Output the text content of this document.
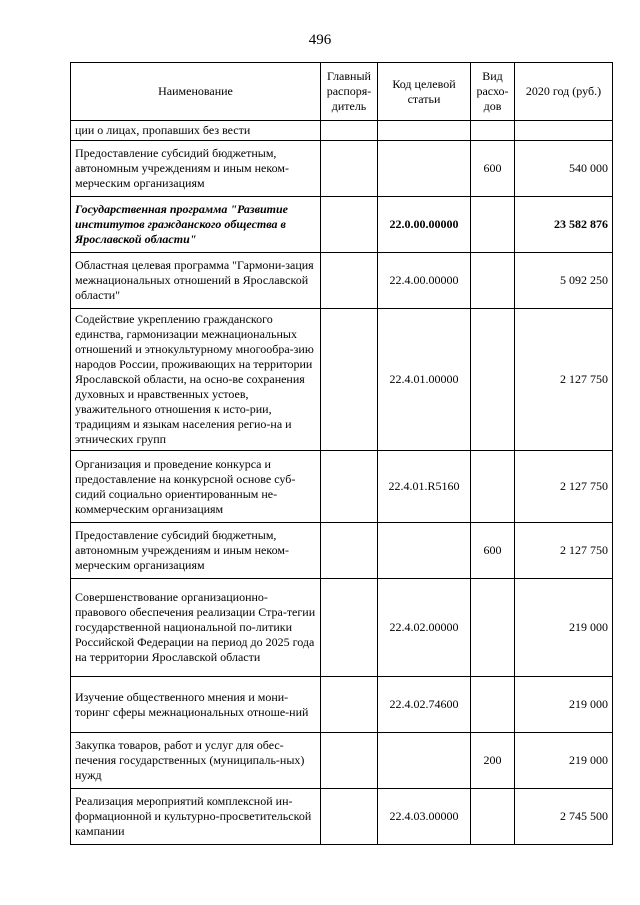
496
Наименование	Главный распоря-дитель	Код целевой статьи	Вид расхо-дов	2020 год (руб.)
ции о лицах, пропавших без вести				
Предоставление субсидий бюджетным, автономным учреждениям и иным неком-мерческим организациям			600	540 000
Государственная программа "Развитие институтов гражданского общества в Ярославской области"		22.0.00.00000		23 582 876
Областная целевая программа "Гармони-зация межнациональных отношений в Ярославской области"		22.4.00.00000		5 092 250
Содействие укреплению гражданского единства, гармонизации межнациональных отношений и этнокультурному многообра-зию народов России, проживающих на территории Ярославской области, на осно-ве сохранения духовных и нравственных устоев, уважительного отношения к исто-рии, традициям и языкам населения регио-на и этнических групп		22.4.01.00000		2 127 750
Организация и проведение конкурса и предоставление на конкурсной основе суб-сидий социально ориентированным не-коммерческим организациям		22.4.01.R5160		2 127 750
Предоставление субсидий бюджетным, автономным учреждениям и иным неком-мерческим организациям			600	2 127 750
Совершенствование организационно-правового обеспечения реализации Стра-тегии государственной национальной по-литики Российской Федерации на период до 2025 года на территории Ярославской области		22.4.02.00000		219 000
Изучение общественного мнения и мони-торинг сферы межнациональных отноше-ний		22.4.02.74600		219 000
Закупка товаров, работ и услуг для обес-печения государственных (муниципаль-ных) нужд			200	219 000
Реализация мероприятий комплексной ин-формационной и культурно-просветительской кампании		22.4.03.00000		2 745 500
